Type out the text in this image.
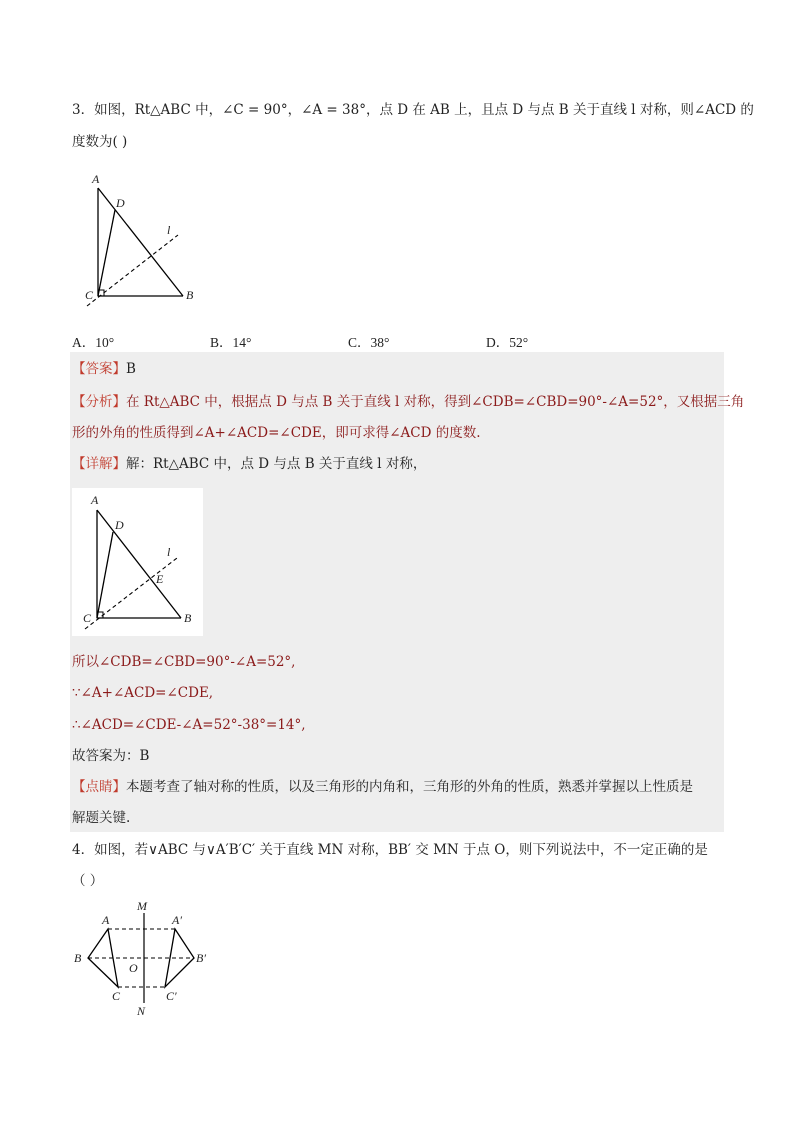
3．如图，Rt△ABC 中，∠C = 90°，∠A = 38°，点 D 在 AB 上，且点 D 与点 B 关于直线 l 对称，则∠ACD 的
度数为( )
A
D
l
C	B
A．10°	B．14°	C．38°	D．52°
【答案】B
【分析】在 Rt△ABC 中，根据点 D 与点 B 关于直线 l 对称，得到∠CDB=∠CBD=90°-∠A=52°，又根据三角
形的外角的性质得到∠A+∠ACD=∠CDE，即可求得∠ACD 的度数.
【详解】解：Rt△ABC 中，点 D 与点 B 关于直线 l 对称，
A
D
l
E
C	B
所以∠CDB=∠CBD=90°-∠A=52°,
∵∠A+∠ACD=∠CDE,
∴∠ACD=∠CDE-∠A=52°-38°=14°,
故答案为：B
【点睛】本题考查了轴对称的性质，以及三角形的内角和，三角形的外角的性质，熟悉并掌握以上性质是
解题关键.
4．如图，若∨ABC 与∨A′B′C′ 关于直线 MN 对称，BB′ 交 MN 于点 O，则下列说法中，不一定正确的是
（ ）
M
N
O
A
B
C
A′
B′
C′
